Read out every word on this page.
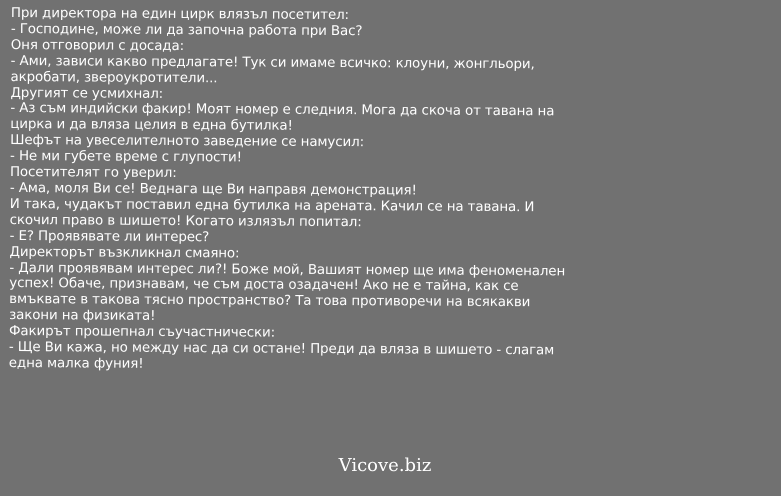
При директора на един цирк влязъл посетител:
- Господине, може ли да започна работа при Вас?
Оня отговорил с досада:
- Ами, зависи какво предлагате! Тук си имаме всичко: клоуни, жонгльори,
акробати, звероукротители...
Другият се усмихнал:
- Аз съм индийски факир! Моят номер е следния. Мога да скоча от тавана на
цирка и да вляза целия в една бутилка!
Шефът на увеселителното заведение се намусил:
- Не ми губете време с глупости!
Посетителят го уверил:
- Ама, моля Ви се! Веднага ще Ви направя демонстрация!
И така, чудакът поставил една бутилка на арената. Качил се на тавана. И
скочил право в шишето! Когато излязъл попитал:
- Е? Проявявате ли интерес?
Директорът възкликнал смаяно:
- Дали проявявам интерес ли?! Боже мой, Вашият номер ще има феноменален
успех! Обаче, признавам, че съм доста озадачен! Ако не е тайна, как се
вмъквате в такова тясно пространство? Та това противоречи на всякакви
закони на физиката!
Факирът прошепнал съучастнически:
- Ще Ви кажа, но между нас да си остане! Преди да вляза в шишето - слагам
една малка фуния!
Vicove.biz
